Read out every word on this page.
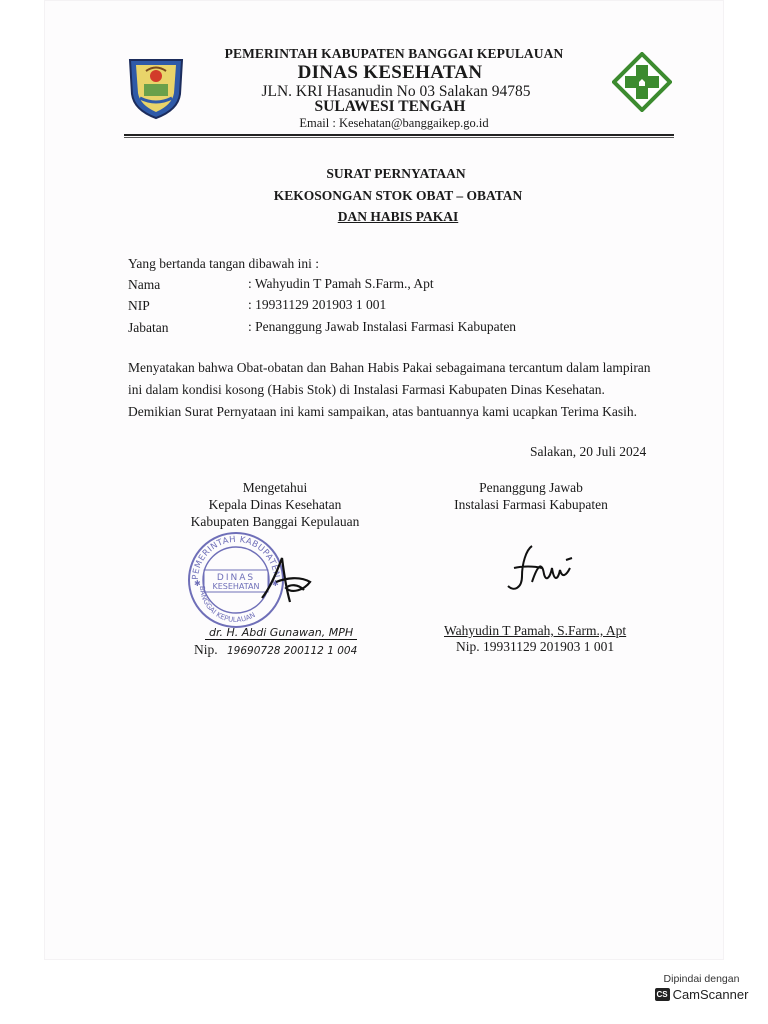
PEMERINTAH KABUPATEN BANGGAI KEPULAUAN
DINAS KESEHATAN
JLN. KRI Hasanudin No 03 Salakan 94785
SULAWESI TENGAH
Email : Kesehatan@banggaikep.go.id
SURAT PERNYATAAN
KEKOSONGAN STOK OBAT – OBATAN
DAN HABIS PAKAI
Yang bertanda tangan dibawah ini :
Nama	: Wahyudin T Pamah S.Farm., Apt
NIP	: 19931129 201903 1 001
Jabatan	: Penanggung Jawab Instalasi Farmasi Kabupaten
Menyatakan bahwa Obat-obatan dan Bahan Habis Pakai sebagaimana tercantum dalam lampiran
ini dalam kondisi kosong (Habis Stok) di Instalasi Farmasi Kabupaten Dinas Kesehatan.
Demikian Surat Pernyataan ini kami sampaikan, atas bantuannya kami ucapkan Terima Kasih.
Salakan, 20 Juli 2024
Mengetahui
Kepala Dinas Kesehatan
Kabupaten Banggai Kepulauan
PEMERINTAH KABUPATEN
BANGGAI KEPULAUAN
DINAS
KESEHATAN
✱	✱
dr. H. Abdi Gunawan, MPH
Nip. 19690728 200112 1 004
Penanggung Jawab
Instalasi Farmasi Kabupaten
Wahyudin T Pamah, S.Farm., Apt
Nip. 19931129 201903 1 001
Dipindai dengan
CS CamScanner
